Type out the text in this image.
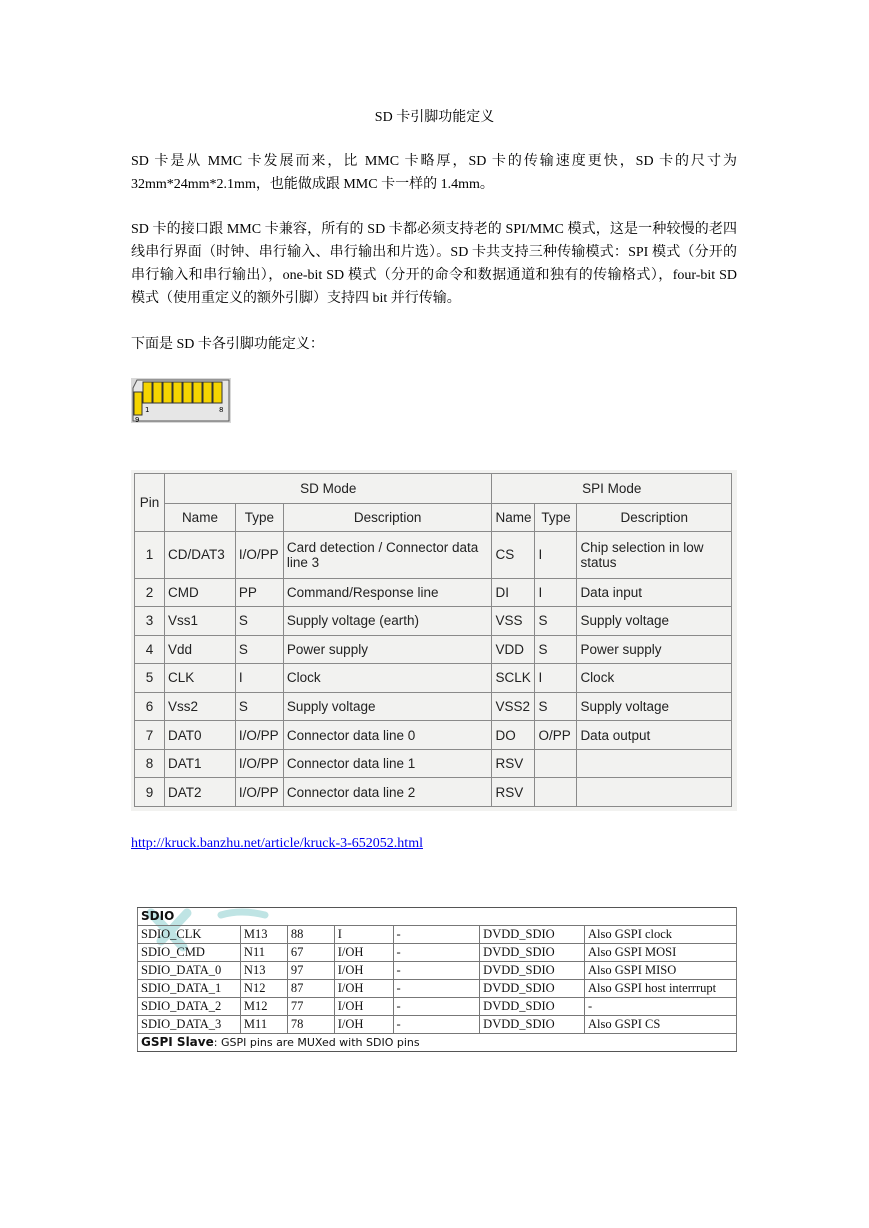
SD 卡引脚功能定义

SD 卡是从 MMC 卡发展而来，比 MMC 卡略厚，SD 卡的传输速度更快，SD 卡的尺寸为 32mm*24mm*2.1mm，也能做成跟 MMC 卡一样的 1.4mm。

SD 卡的接口跟 MMC 卡兼容，所有的 SD 卡都必须支持老的 SPI/MMC 模式，这是一种较慢的老四线串行界面（时钟、串行输入、串行输出和片选）。SD 卡共支持三种传输模式：SPI 模式（分开的串行输入和串行输出），one-bit SD 模式（分开的命令和数据通道和独有的传输格式），four-bit SD 模式（使用重定义的额外引脚）支持四 bit 并行传输。

下面是 SD 卡各引脚功能定义：

1	8
9
Pin	SD Mode			SPI Mode		
	Name	Type	Description	Name	Type	Description
1	CD/DAT3	I/O/PP	Card detection / Connector data line 3	CS	I	Chip selection in low status
2	CMD	PP	Command/Response line	DI	I	Data input
3	Vss1	S	Supply voltage (earth)	VSS	S	Supply voltage
4	Vdd	S	Power supply	VDD	S	Power supply
5	CLK	I	Clock	SCLK	I	Clock
6	Vss2	S	Supply voltage	VSS2	S	Supply voltage
7	DAT0	I/O/PP	Connector data line 0	DO	O/PP	Data output
8	DAT1	I/O/PP	Connector data line 1	RSV		
9	DAT2	I/O/PP	Connector data line 2	RSV		
http://kruck.banzhu.net/article/kruck-3-652052.html
SDIO						
SDIO_CLK	M13	88	I	-	DVDD_SDIO	Also GSPI clock
SDIO_CMD	N11	67	I/OH	-	DVDD_SDIO	Also GSPI MOSI
SDIO_DATA_0	N13	97	I/OH	-	DVDD_SDIO	Also GSPI MISO
SDIO_DATA_1	N12	87	I/OH	-	DVDD_SDIO	Also GSPI host interrrupt
SDIO_DATA_2	M12	77	I/OH	-	DVDD_SDIO	-
SDIO_DATA_3	M11	78	I/OH	-	DVDD_SDIO	Also GSPI CS
GSPI Slave: GSPI pins are MUXed with SDIO pins						
